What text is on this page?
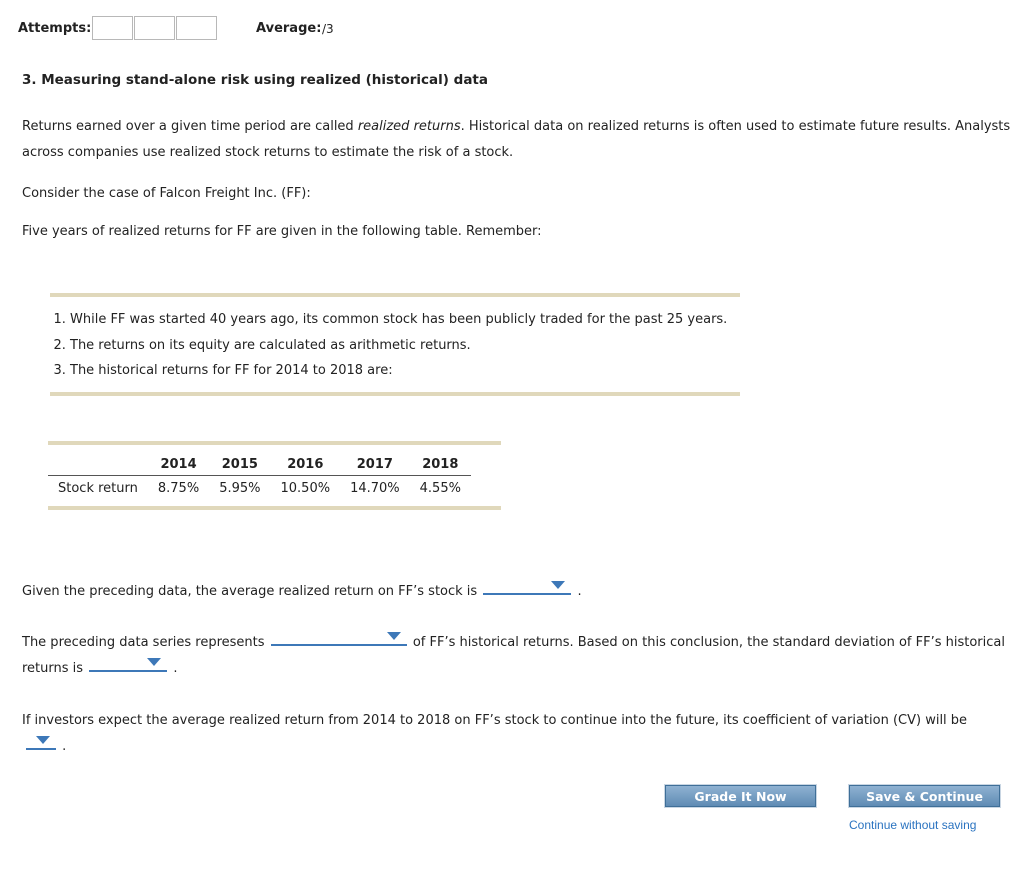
Attempts:	Average: /3
3. Measuring stand-alone risk using realized (historical) data
Returns earned over a given time period are called realized returns. Historical data on realized returns is often used to estimate future results. Analysts across companies use realized stock returns to estimate the risk of a stock.
Consider the case of Falcon Freight Inc. (FF):
Five years of realized returns for FF are given in the following table. Remember:
1. While FF was started 40 years ago, its common stock has been publicly traded for the past 25 years.
2. The returns on its equity are calculated as arithmetic returns.
3. The historical returns for FF for 2014 to 2018 are:
	2014	2015	2016	2017	2018
Stock return	8.75%	5.95%	10.50%	14.70%	4.55%
Given the preceding data, the average realized return on FF’s stock is	.
The preceding data series represents	of FF’s historical returns. Based on this conclusion, the standard deviation of FF’s historical returns is	.
If investors expect the average realized return from 2014 to 2018 on FF’s stock to continue into the future, its coefficient of variation (CV) will be

.
Grade It Now	Save & Continue
Continue without saving
